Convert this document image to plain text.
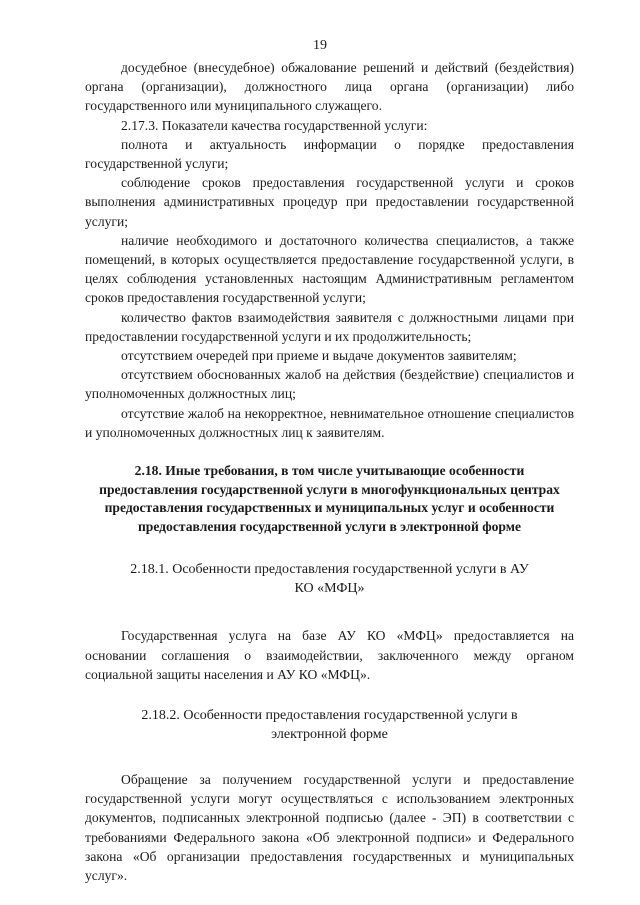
19

досудебное (внесудебное) обжалование решений и действий (бездействия) органа (организации), должностного лица органа (организации) либо государственного или муниципального служащего.

2.17.3. Показатели качества государственной услуги:

полнота и актуальность информации о порядке предоставления государственной услуги;

соблюдение сроков предоставления государственной услуги и сроков выполнения административных процедур при предоставлении государственной услуги;

наличие необходимого и достаточного количества специалистов, а также помещений, в которых осуществляется предоставление государственной услуги, в целях соблюдения установленных настоящим Административным регламентом сроков предоставления государственной услуги;

количество фактов взаимодействия заявителя с должностными лицами при предоставлении государственной услуги и их продолжительность;

отсутствием очередей при приеме и выдаче документов заявителям;

отсутствием обоснованных жалоб на действия (бездействие) специалистов и уполномоченных должностных лиц;

отсутствие жалоб на некорректное, невнимательное отношение специалистов и уполномоченных должностных лиц к заявителям.

2.18. Иные требования, в том числе учитывающие особенности предоставления государственной услуги в многофункциональных центрах предоставления государственных и муниципальных услуг и особенности предоставления государственной услуги в электронной форме

2.18.1. Особенности предоставления государственной услуги в АУ КО «МФЦ»

Государственная услуга на базе АУ КО «МФЦ» предоставляется на основании соглашения о взаимодействии, заключенного между органом социальной защиты населения и АУ КО «МФЦ».

2.18.2. Особенности предоставления государственной услуги в электронной форме

Обращение за получением государственной услуги и предоставление государственной услуги могут осуществляться с использованием электронных документов, подписанных электронной подписью (далее - ЭП) в соответствии с требованиями Федерального закона «Об электронной подписи» и Федерального закона «Об организации предоставления государственных и муниципальных услуг».
